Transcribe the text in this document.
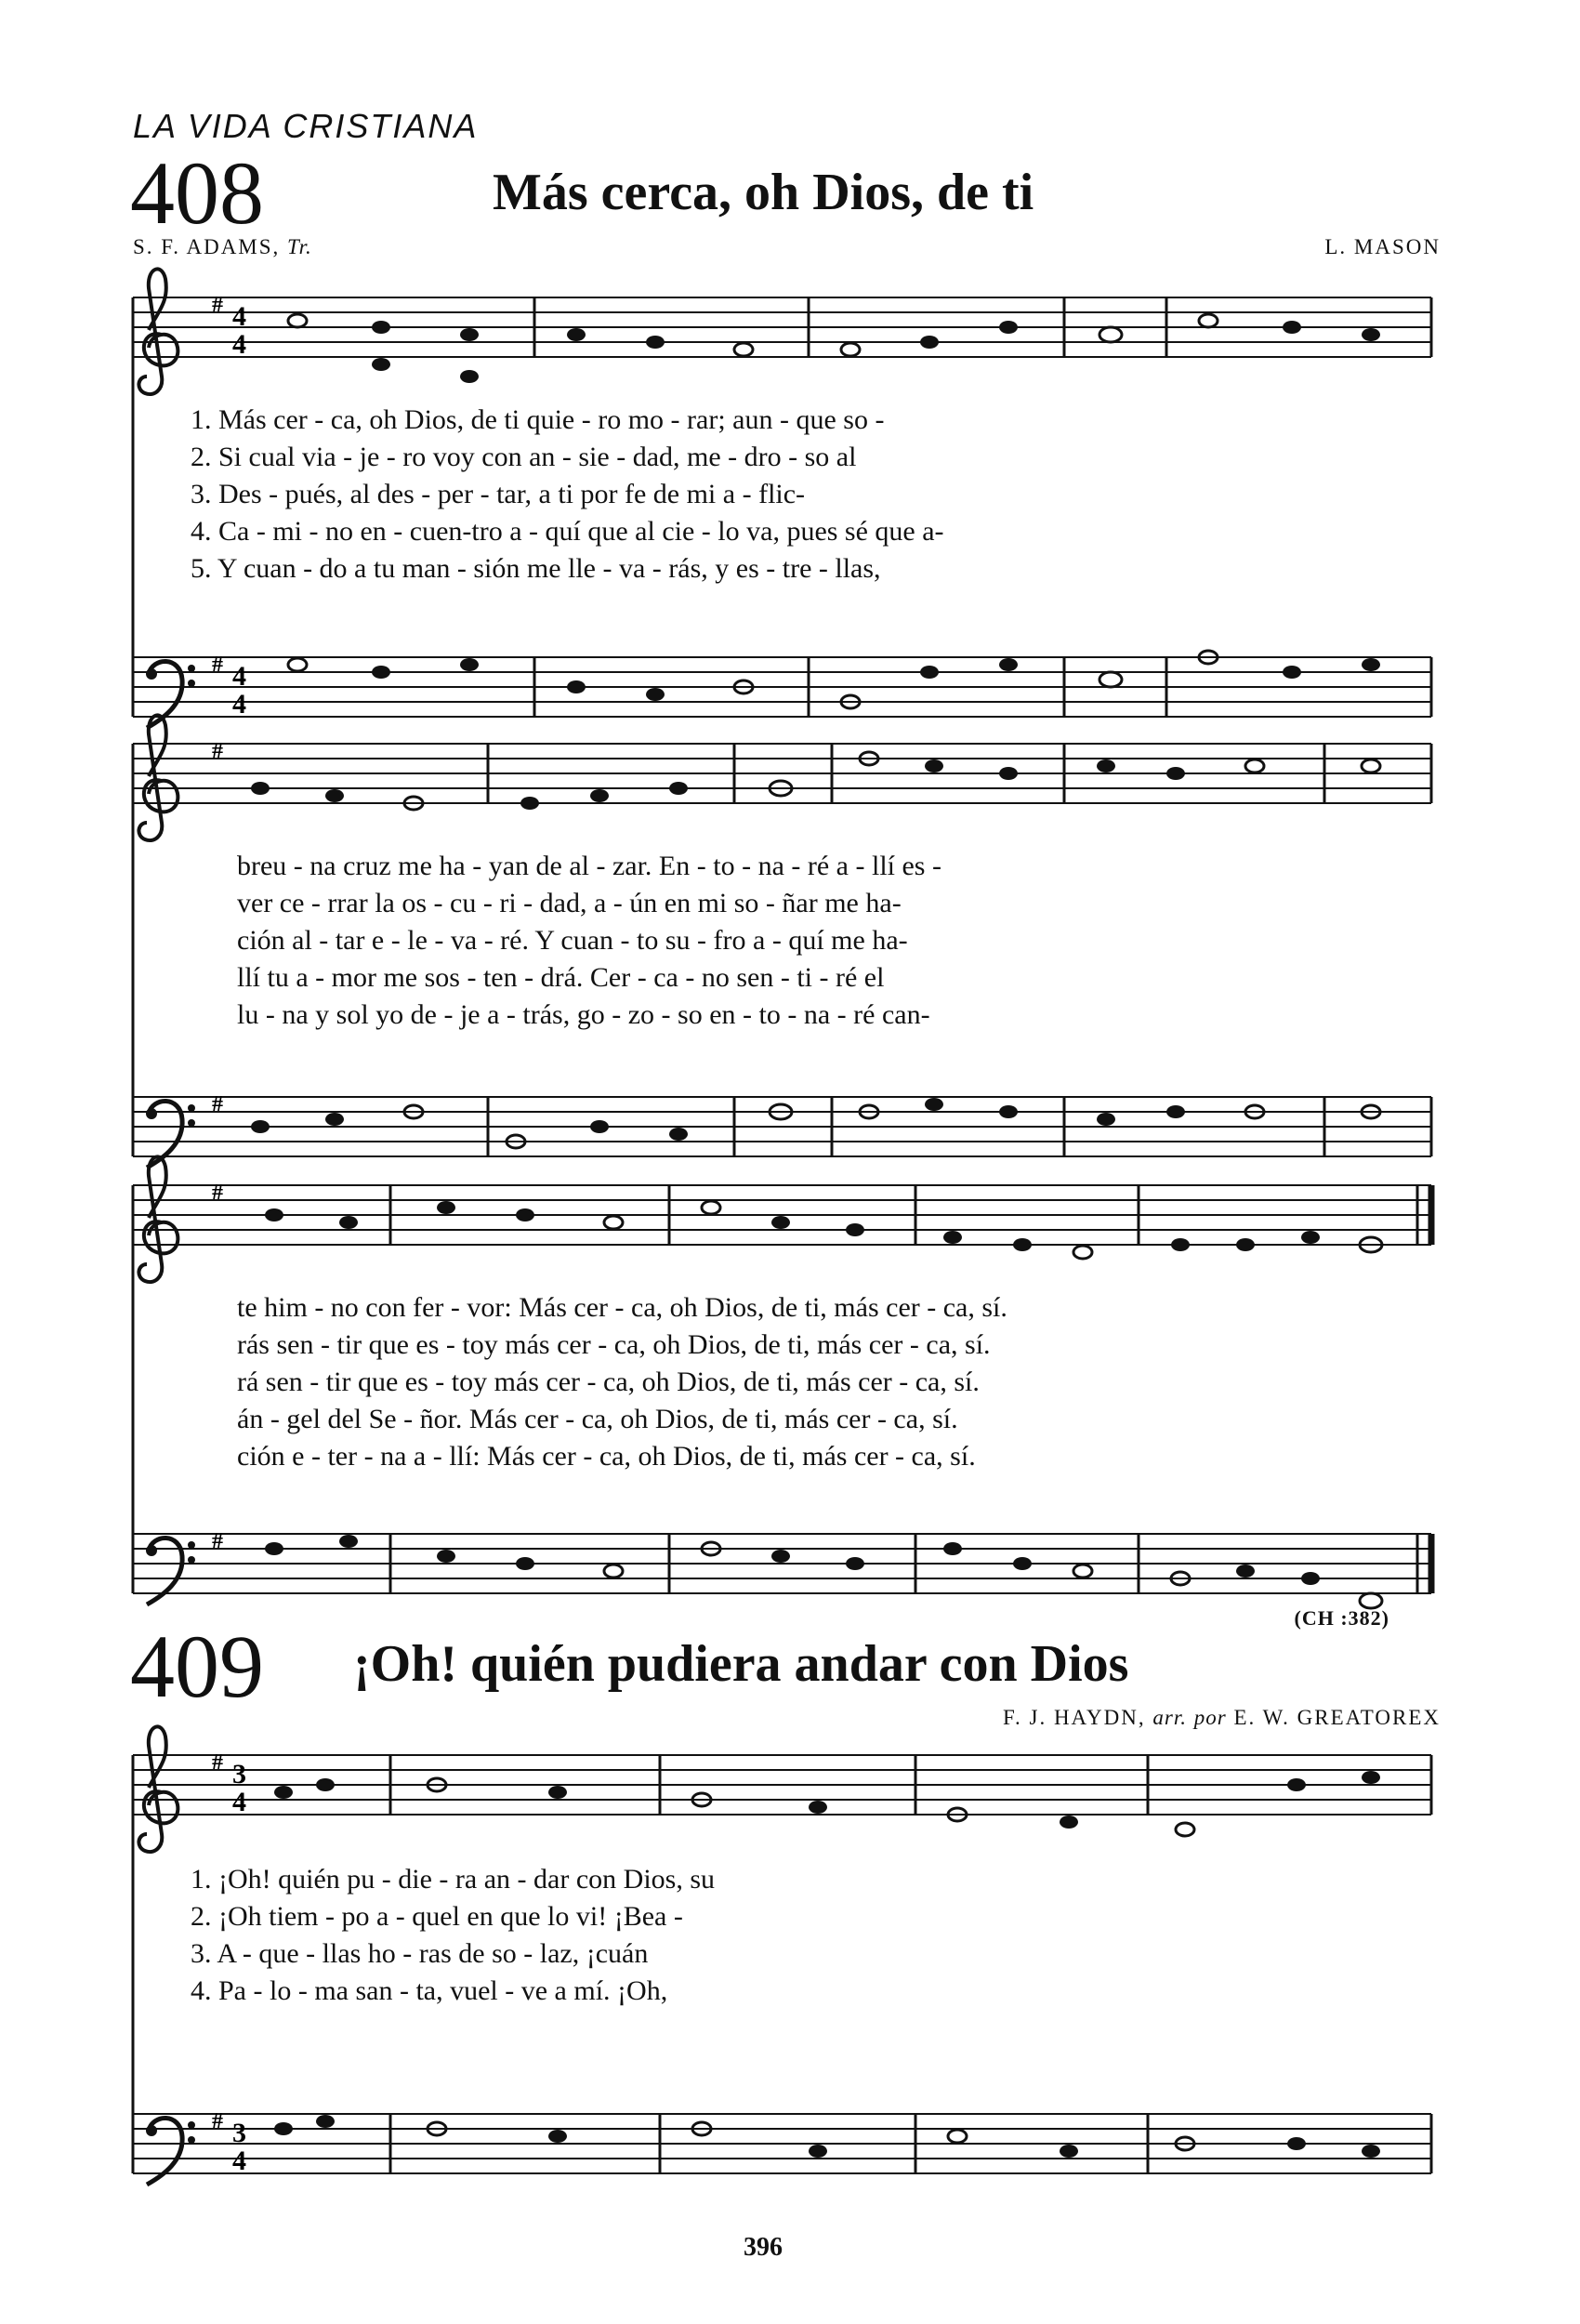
LA VIDA CRISTIANA
408	Más cerca, oh Dios, de ti
S. F. ADAMS, Tr.	L. MASON
# 4
4
# 4
4
#
#
#
#
# 3
4
# 3
4
1. Más cer - ca, oh Dios, de ti quie - ro mo - rar; aun - que so -
2. Si cual via - je - ro voy con an - sie - dad, me - dro - so al
3. Des - pués, al des - per - tar, a ti por fe de mi a - flic-
4. Ca - mi - no en - cuen-tro a - quí que al cie - lo va, pues sé que a-
5. Y cuan - do a tu man - sión me lle - va - rás, y es - tre - llas,
breu - na cruz me ha - yan de al - zar. En - to - na - ré a - llí es -
ver ce - rrar la os - cu - ri - dad, a - ún en mi so - ñar me ha-
ción al - tar e - le - va - ré. Y cuan - to su - fro a - quí me ha-
llí tu a - mor me sos - ten - drá. Cer - ca - no sen - ti - ré el
lu - na y sol yo de - je a - trás, go - zo - so en - to - na - ré can-
te him - no con fer - vor: Más cer - ca, oh Dios, de ti, más cer - ca, sí.
rás sen - tir que es - toy más cer - ca, oh Dios, de ti, más cer - ca, sí.
rá sen - tir que es - toy más cer - ca, oh Dios, de ti, más cer - ca, sí.
án - gel del Se - ñor. Más cer - ca, oh Dios, de ti, más cer - ca, sí.
ción e - ter - na a - llí: Más cer - ca, oh Dios, de ti, más cer - ca, sí.
(CH :382)
409 ¡Oh! quién pudiera andar con Dios
F. J. HAYDN, arr. por E. W. GREATOREX
1. ¡Oh! quién pu - die - ra an - dar con Dios, su
2. ¡Oh tiem - po a - quel en que lo vi! ¡Bea -
3. A - que - llas ho - ras de so - laz, ¡cuán
4. Pa - lo - ma san - ta, vuel - ve a mí. ¡Oh,
396
